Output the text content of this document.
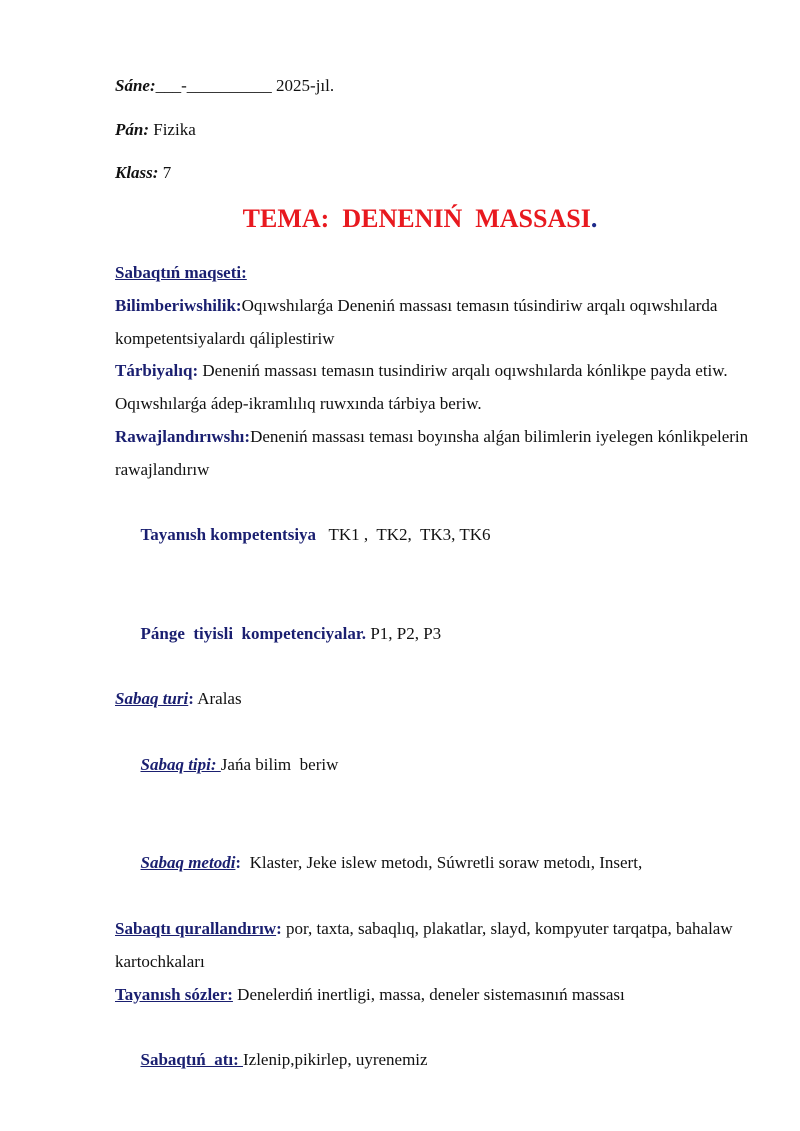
Sáne:___-__________ 2025-jıl.
Pán: Fizika
Klass: 7
TEMA:  DENENIŃ  MASSASI.

Sabaqtıń maqseti:

Bilimberiwshilik:Oqıwshılarǵa Deneniń massası temasın túsindiriw arqalı oqıwshılarda kompetentsiyalardı qáliplestiriw

Tárbiyalıq: Deneniń massası temasın tusindiriw arqalı oqıwshılarda kónlikpe payda etiw. Oqıwshılarǵa ádep-ikramlılıq ruwxında tárbiya beriw.

Rawajlandırıwshı:Deneniń massası teması boyınsha alǵan bilimlerin iyelegen kónlikpelerin rawajlandırıw

Tayanısh kompetentsiya   TK1 ,  TK2,  TK3, TK6

Pánge  tiyisli  kompetenciyalar. P1, P2, P3

Sabaq turi: Aralas

Sabaq tipi: Jańa bilim  beriw

Sabaq metodi:  Klaster, Jeke islew metodı, Súwretli soraw metodı, Insert,

Sabaqtı qurallandırıw: por, taxta, sabaqlıq, plakatlar, slayd, kompyuter tarqatpa, bahalaw kartochkaları

Tayanısh sózler: Denelerdiń inertligi, massa, deneler sistemasınıń massası

Sabaqtıń  atı: Izlenip,pikirlep, uyrenemiz
